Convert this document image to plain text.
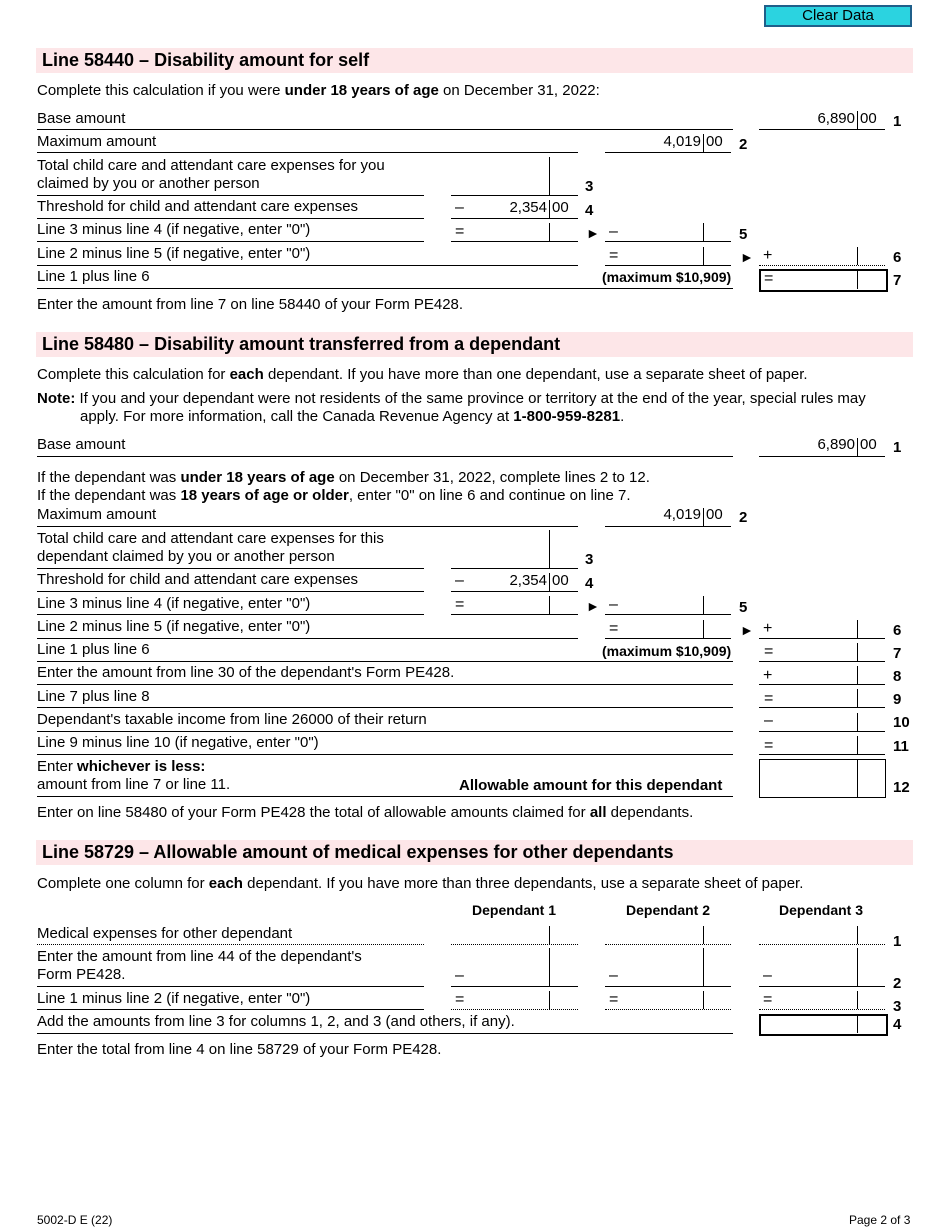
Clear Data
Line 58440 – Disability amount for self
Complete this calculation if you were under 18 years of age on December 31, 2022:
Base amount	6,890 00 1
Maximum amount	4,019 00 2
Total child care and attendant care expenses for you
claimed by you or another person	3
Threshold for child and attendant care expenses	–	2,354 00 4
Line 3 minus line 4 (if negative, enter "0")	=	► –	5
Line 2 minus line 5 (if negative, enter "0")	=	► +	6
Line 1 plus line 6	(maximum $10,909) =	7
Enter the amount from line 7 on line 58440 of your Form PE428.
Line 58480 – Disability amount transferred from a dependant
Complete this calculation for each dependant. If you have more than one dependant, use a separate sheet of paper.
Note: If you and your dependant were not residents of the same province or territory at the end of the year, special rules may
apply. For more information, call the Canada Revenue Agency at 1-800-959-8281.
Base amount	6,890 00 1
If the dependant was under 18 years of age on December 31, 2022, complete lines 2 to 12.
If the dependant was 18 years of age or older, enter "0" on line 6 and continue on line 7.
Maximum amount	4,019 00 2
Total child care and attendant care expenses for this
dependant claimed by you or another person	3
Threshold for child and attendant care expenses	–	2,354 00 4
Line 3 minus line 4 (if negative, enter "0")	=	► –	5
Line 2 minus line 5 (if negative, enter "0")	=	► +	6
Line 1 plus line 6	(maximum $10,909) =	7
Enter the amount from line 30 of the dependant's Form PE428.	+	8
Line 7 plus line 8	=	9
Dependant's taxable income from line 26000 of their return	–	10
Line 9 minus line 10 (if negative, enter "0")	=	11
Enter whichever is less:
amount from line 7 or line 11.	Allowable amount for this dependant	12
Enter on line 58480 of your Form PE428 the total of allowable amounts claimed for all dependants.
Line 58729 – Allowable amount of medical expenses for other dependants
Complete one column for each dependant. If you have more than three dependants, use a separate sheet of paper.
Dependant 1	Dependant 2	Dependant 3
Medical expenses for other dependant	1
Enter the amount from line 44 of the dependant's
Form PE428.	–	–	–	2
Line 1 minus line 2 (if negative, enter "0")	=	=	=	3
Add the amounts from line 3 for columns 1, 2, and 3 (and others, if any).	4
Enter the total from line 4 on line 58729 of your Form PE428.
5002-D E (22)	Page 2 of 3
